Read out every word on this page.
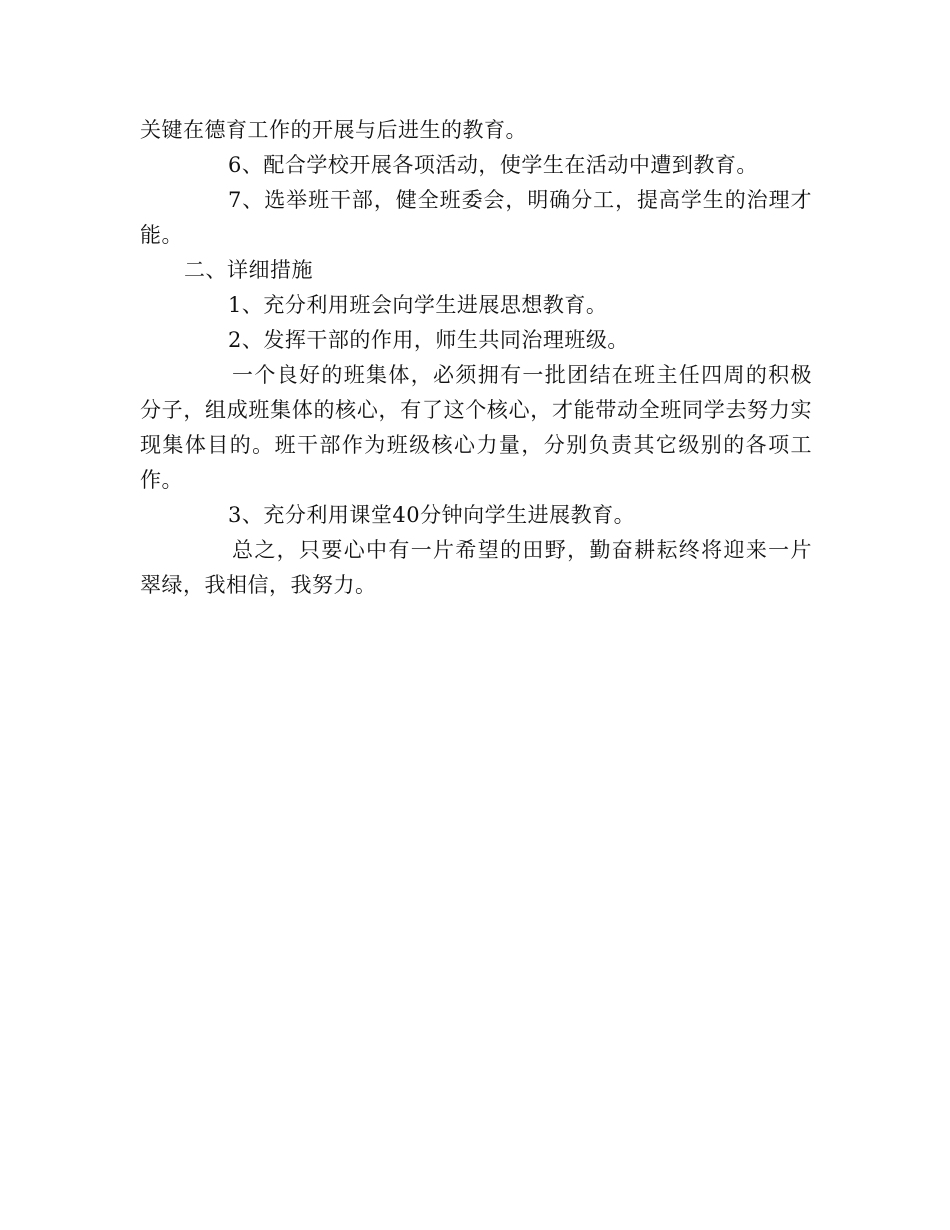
关键在德育工作的开展与后进生的教育。

6、配合学校开展各项活动，使学生在活动中遭到教育。

7、选举班干部，健全班委会，明确分工，提高学生的治理才能。

二、详细措施

1、充分利用班会向学生进展思想教育。

2、发挥干部的作用，师生共同治理班级。

一个良好的班集体，必须拥有一批团结在班主任四周的积极分子，组成班集体的核心，有了这个核心，才能带动全班同学去努力实现集体目的。班干部作为班级核心力量，分别负责其它级别的各项工作。

3、充分利用课堂40分钟向学生进展教育。

总之，只要心中有一片希望的田野，勤奋耕耘终将迎来一片翠绿，我相信，我努力。
